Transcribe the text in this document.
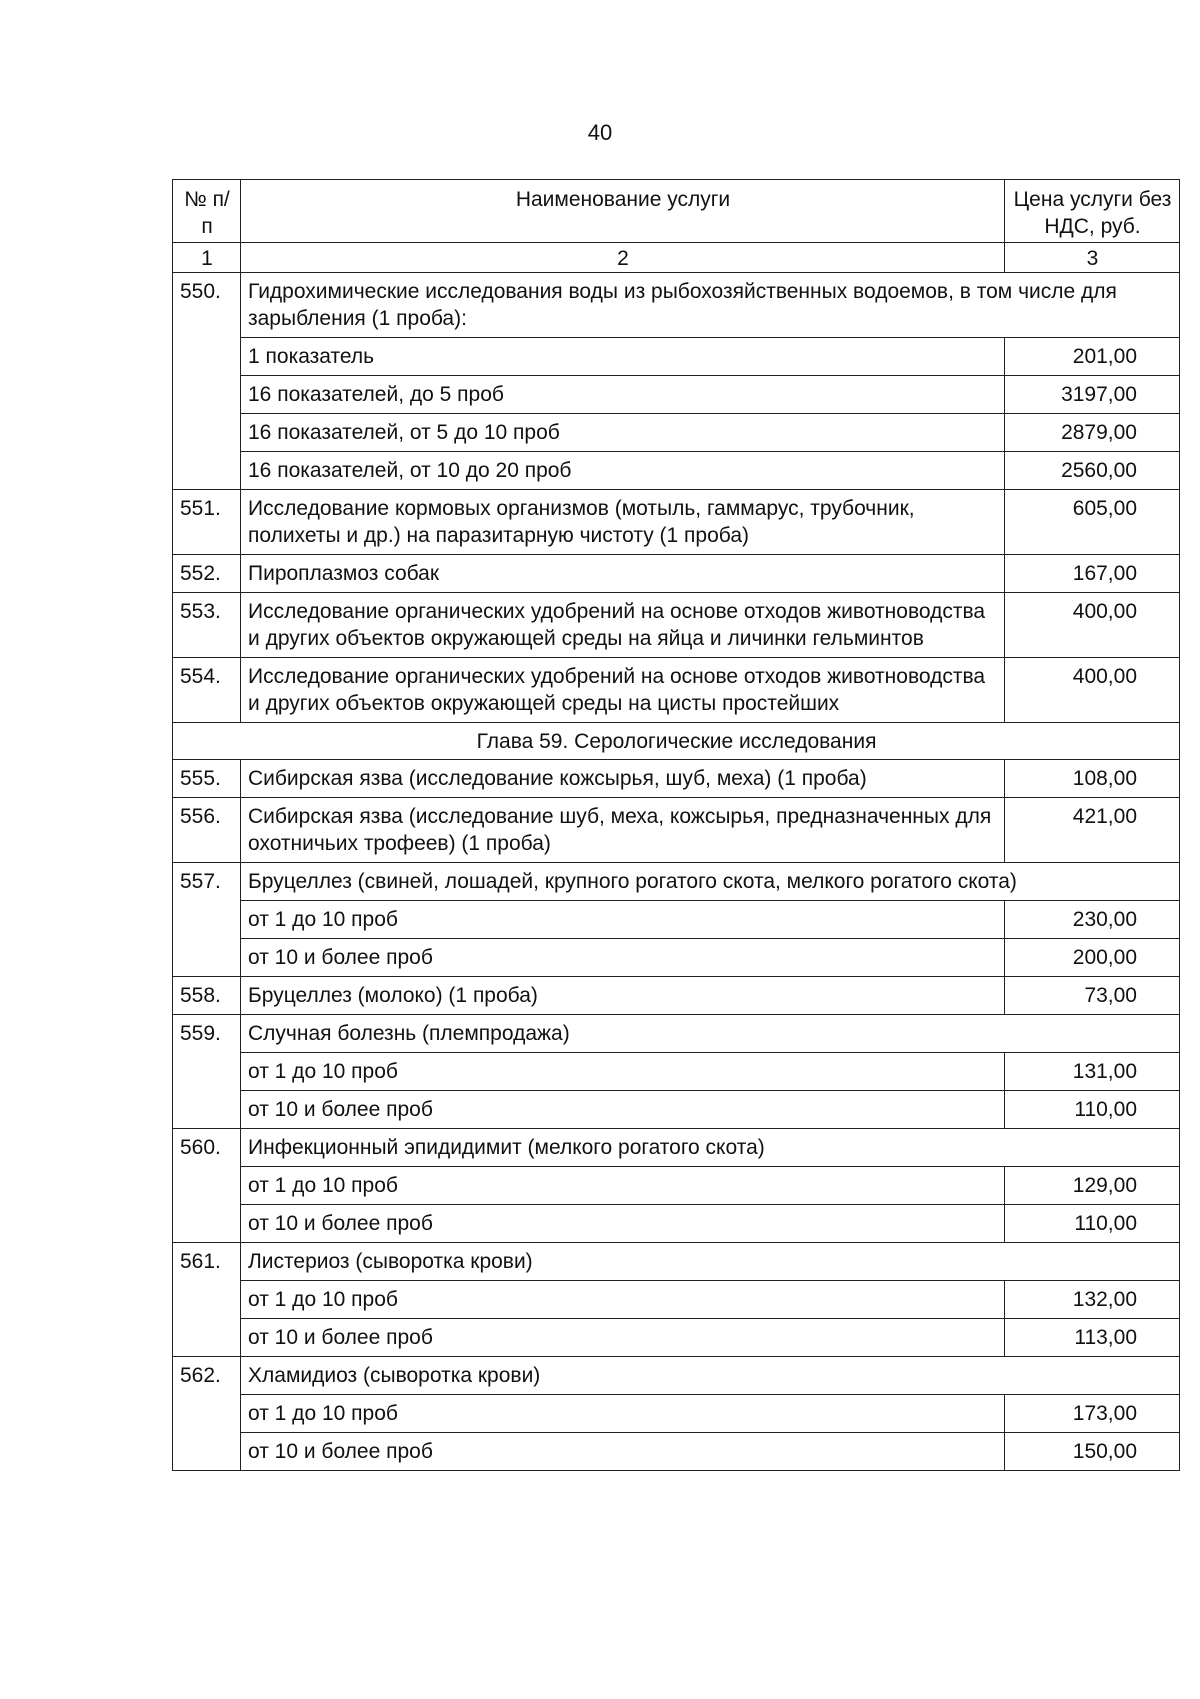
40
№ п/п	Наименование услуги	Цена услуги без НДС, руб.
1	2	3
550.	Гидрохимические исследования воды из рыбохозяйственных водоемов, в том числе для зарыбления (1 проба):	
	1 показатель	201,00
	16 показателей, до 5 проб	3197,00
	16 показателей, от 5 до 10 проб	2879,00
	16 показателей, от 10 до 20 проб	2560,00
551.	Исследование кормовых организмов (мотыль, гаммарус, трубочник, полихеты и др.) на паразитарную чистоту (1 проба)	605,00
552.	Пироплазмоз собак	167,00
553.	Исследование органических удобрений на основе отходов животноводства и других объектов окружающей среды на яйца и личинки гельминтов	400,00
554.	Исследование органических удобрений на основе отходов животноводства и других объектов окружающей среды на цисты простейших	400,00
Глава 59. Серологические исследования		
555.	Сибирская язва (исследование кожсырья, шуб, меха) (1 проба)	108,00
556.	Сибирская язва (исследование шуб, меха, кожсырья, предназначенных для охотничьих трофеев) (1 проба)	421,00
557.	Бруцеллез (свиней, лошадей, крупного рогатого скота, мелкого рогатого скота)	
	от 1 до 10 проб	230,00
	от 10 и более проб	200,00
558.	Бруцеллез (молоко) (1 проба)	73,00
559.	Случная болезнь (племпродажа)	
	от 1 до 10 проб	131,00
	от 10 и более проб	110,00
560.	Инфекционный эпидидимит (мелкого рогатого скота)	
	от 1 до 10 проб	129,00
	от 10 и более проб	110,00
561.	Листериоз (сыворотка крови)	
	от 1 до 10 проб	132,00
	от 10 и более проб	113,00
562.	Хламидиоз (сыворотка крови)	
	от 1 до 10 проб	173,00
	от 10 и более проб	150,00
